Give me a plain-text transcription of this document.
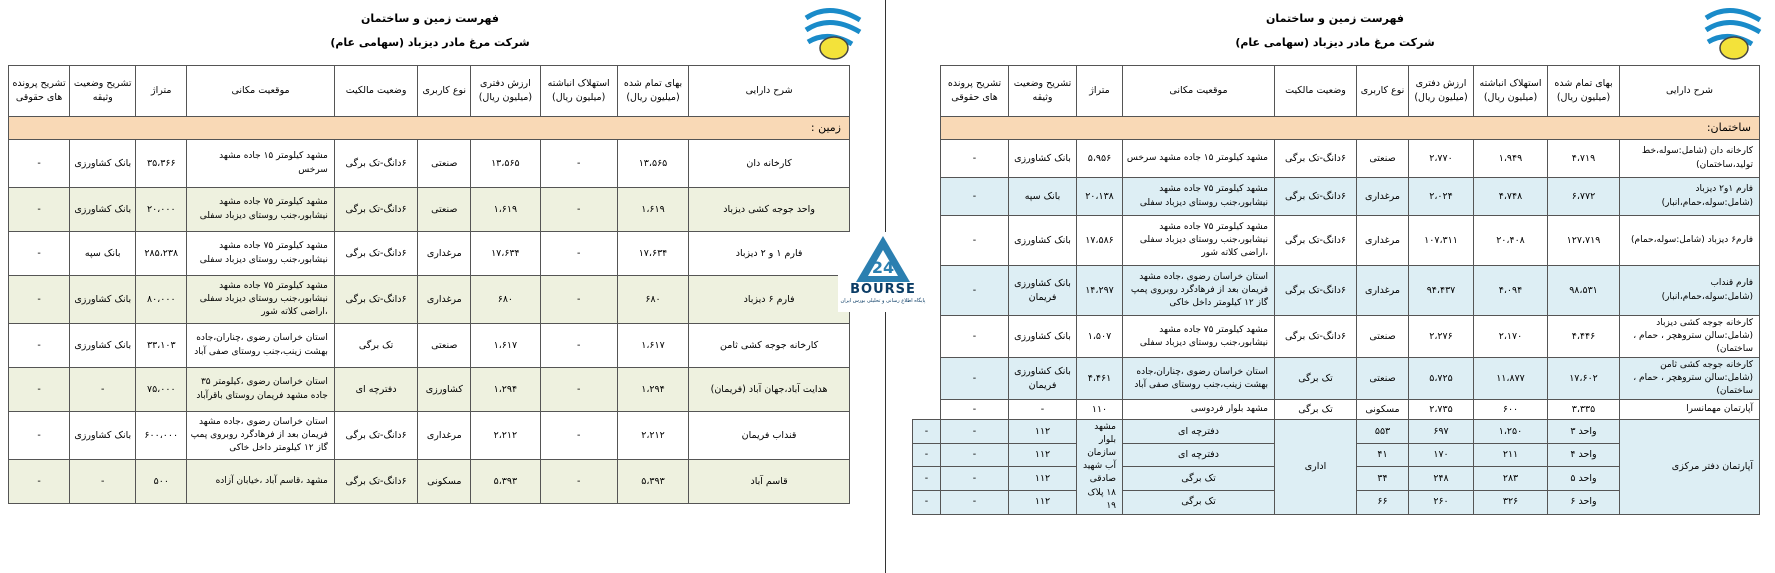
فهرست زمین و ساختمان
شرکت مرغ مادر دیزباد (سهامی عام)
شرح دارایی	بهای تمام شده (میلیون ریال)	استهلاک انباشته (میلیون ریال)	ارزش دفتری (میلیون ریال)	نوع کاربری	وضعیت مالکیت	موقعیت مکانی	متراژ	تشریح وضعیت وثیقه	تشریح پرونده های حقوقی
زمین :									
کارخانه دان	۱۳،۵۶۵	-	۱۳،۵۶۵	صنعتی	۶دانگ-تک برگی	مشهد کیلومتر ۱۵ جاده مشهد سرخس	۳۵،۳۶۶	بانک کشاورزی	-
واحد جوجه کشی دیزباد	۱،۶۱۹	-	۱،۶۱۹	صنعتی	۶دانگ-تک برگی	مشهد کیلومتر ۷۵ جاده مشهد نیشابور،جنب روستای دیزباد سفلی	۲۰،۰۰۰	بانک کشاورزی	-
فارم ۱ و ۲ دیزباد	۱۷،۶۳۴	-	۱۷،۶۳۴	مرغداری	۶دانگ-تک برگی	مشهد کیلومتر ۷۵ جاده مشهد نیشابور،جنب روستای دیزباد سفلی	۲۸۵،۲۳۸	بانک سپه	-
فارم ۶ دیزباد	۶۸۰	-	۶۸۰	مرغداری	۶دانگ-تک برگی	مشهد کیلومتر ۷۵ جاده مشهد نیشابور،جنب روستای دیزباد سفلی ،اراضی کلاته شور	۸۰،۰۰۰	بانک کشاورزی	-
کارخانه جوجه کشی ثامن	۱،۶۱۷	-	۱،۶۱۷	صنعتی	تک برگی	استان خراسان رضوی ،چناران،جاده بهشت زینب،جنب روستای صفی آباد	۳۳،۱۰۳	بانک کشاورزی	-
هدایت آباد،جهان آباد (فریمان)	۱،۲۹۴	-	۱،۲۹۴	کشاورزی	دفترچه ای	استان خراسان رضوی ،کیلومتر ۳۵ جاده مشهد فریمان روستای باقرآباد	۷۵،۰۰۰	-	-
قنداب فریمان	۲،۲۱۲	-	۲،۲۱۲	مرغداری	۶دانگ-تک برگی	استان خراسان رضوی ،جاده مشهد فریمان بعد از فرهادگرد روبروی پمپ گاز ۱۲ کیلومتر داخل خاکی	۶۰۰،۰۰۰	بانک کشاورزی	-
قاسم آباد	۵،۳۹۳	-	۵،۳۹۳	مسکونی	۶دانگ-تک برگی	مشهد ،قاسم آباد ،خیابان آزاده	۵۰۰	-	-
فهرست زمین و ساختمان
شرکت مرغ مادر دیزباد (سهامی عام)
شرح دارایی	بهای تمام شده (میلیون ریال)	استهلاک انباشته (میلیون ریال)	ارزش دفتری (میلیون ریال)	نوع کاربری	وضعیت مالکیت	موقعیت مکانی	متراژ	تشریح وضعیت وثیقه	تشریح پرونده های حقوقی	
ساختمان:										
کارخانه دان (شامل:سوله،خط تولید،ساختمان)	۴،۷۱۹	۱،۹۴۹	۲،۷۷۰	صنعتی	۶دانگ-تک برگی	مشهد کیلومتر ۱۵ جاده مشهد سرخس	۵،۹۵۶	بانک کشاورزی	-	
فارم ۱و۲ دیزباد (شامل:سوله،حمام،انبار)	۶،۷۷۲	۴،۷۴۸	۲،۰۲۴	مرغداری	۶دانگ-تک برگی	مشهد کیلومتر ۷۵ جاده مشهد نیشابور،جنب روستای دیزباد سفلی	۲۰،۱۳۸	بانک سپه	-	
فارم۶ دیزباد (شامل:سوله،حمام)	۱۲۷،۷۱۹	۲۰،۴۰۸	۱۰۷،۳۱۱	مرغداری	۶دانگ-تک برگی	مشهد کیلومتر ۷۵ جاده مشهد نیشابور،جنب روستای دیزباد سفلی ،اراضی کلاته شور	۱۷،۵۸۶	بانک کشاورزی	-	
فارم قنداب (شامل:سوله،حمام،انبار)	۹۸،۵۳۱	۴،۰۹۴	۹۴،۴۳۷	مرغداری	۶دانگ-تک برگی	استان خراسان رضوی ،جاده مشهد فریمان بعد از فرهادگرد روبروی پمپ گاز ۱۲ کیلومتر داخل خاکی	۱۴،۲۹۷	بانک کشاورزی فریمان	-	
کارخانه جوجه کشی دیزباد (شامل:سالن ستروهچر ، حمام ، ساختمان)	۴،۴۴۶	۲،۱۷۰	۲،۲۷۶	صنعتی	۶دانگ-تک برگی	مشهد کیلومتر ۷۵ جاده مشهد نیشابور،جنب روستای دیزباد سفلی	۱،۵۰۷	بانک کشاورزی	-	
کارخانه جوجه کشی ثامن (شامل:سالن ستروهچر ، حمام ، ساختمان)	۱۷،۶۰۲	۱۱،۸۷۷	۵،۷۲۵	صنعتی	تک برگی	استان خراسان رضوی ،چناران،جاده بهشت زینب،جنب روستای صفی آباد	۴،۴۶۱	بانک کشاورزی فریمان	-	
آپارتمان مهمانسرا	۳،۳۳۵	۶۰۰	۲،۷۳۵	مسکونی	تک برگی	مشهد بلوار فردوسی	۱۱۰	-	-	
آپارتمان دفتر مرکزی	واحد ۳	۱،۲۵۰	۶۹۷	۵۵۳	اداری	دفترچه ای	مشهد بلوار سازمان آب شهید صادقی ۱۸ پلاک ۱۹	۱۱۲	-	-
	واحد ۴	۲۱۱	۱۷۰	۴۱		دفترچه ای		۱۱۲	-	-
	واحد ۵	۲۸۳	۲۴۸	۳۴		تک برگی		۱۱۲	-	-
	واحد ۶	۳۲۶	۲۶۰	۶۶		تک برگی		۱۱۲	-	-
24
BOURSE
پایگاه اطلاع رسانی و تحلیلی بورس ایران
